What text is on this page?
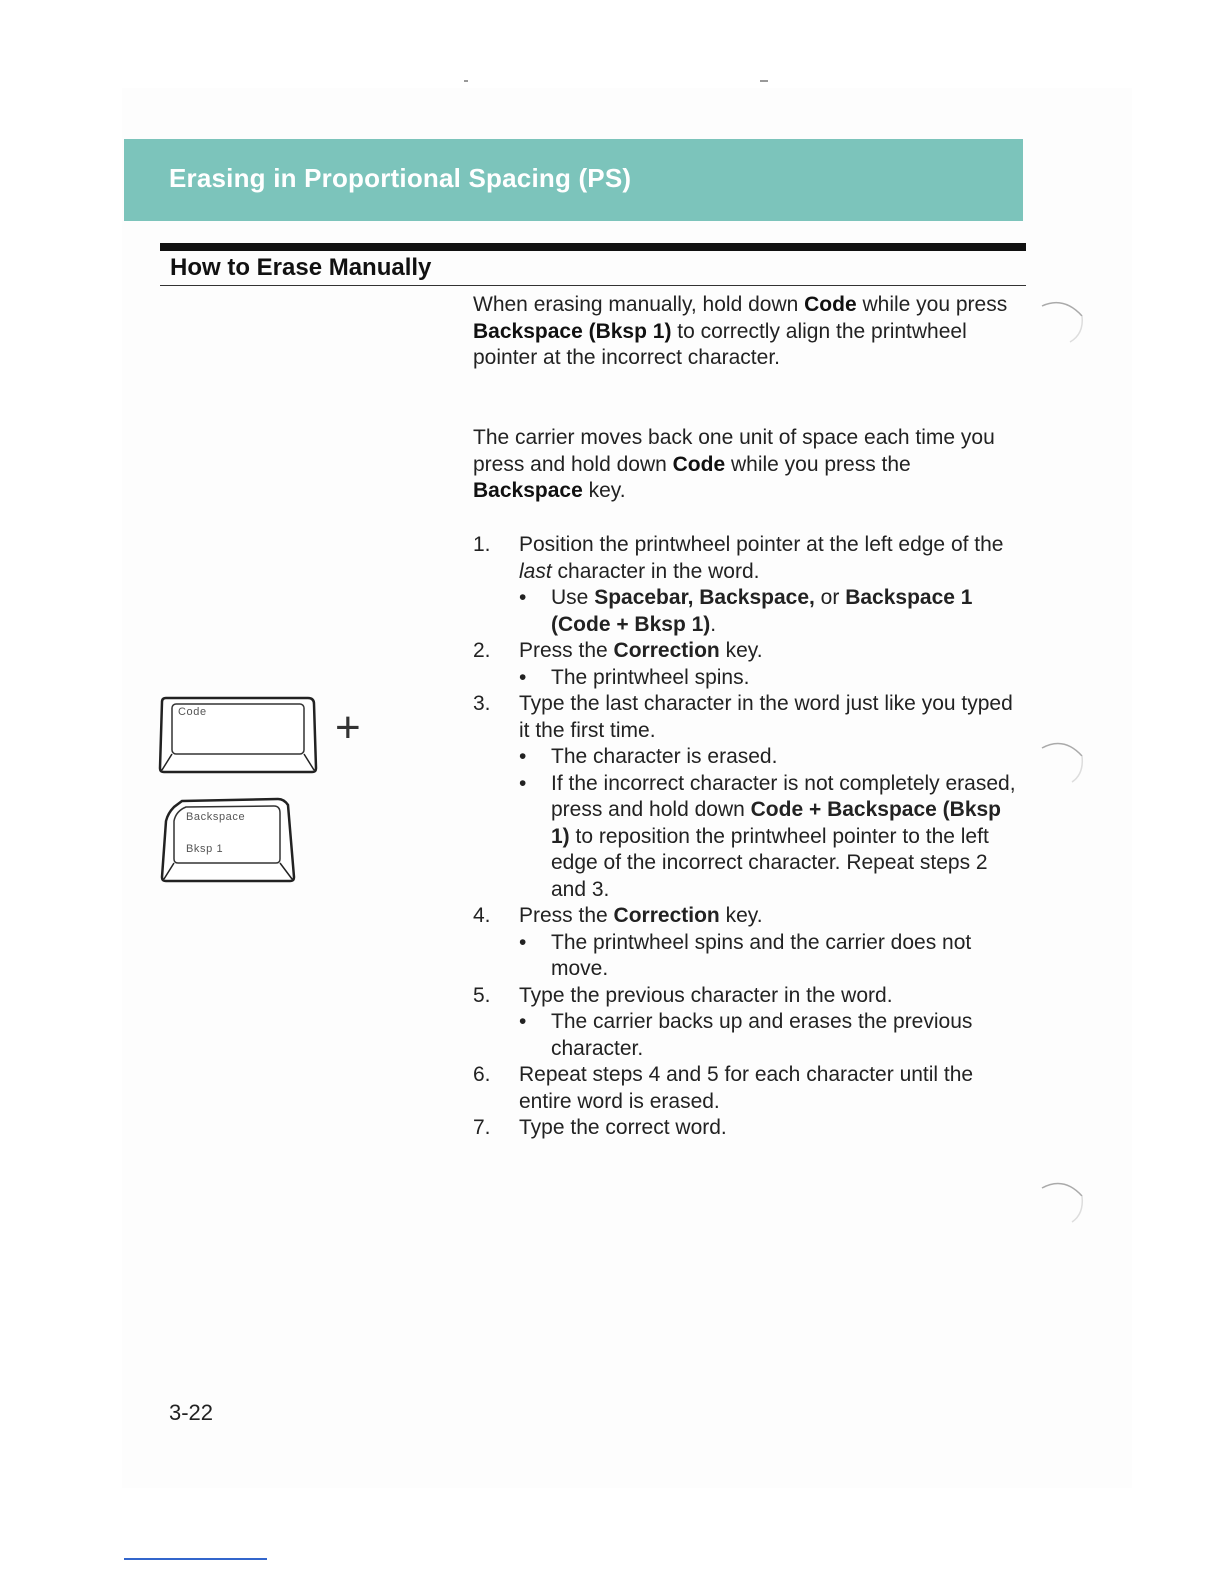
Erasing in Proportional Spacing (PS)
How to Erase Manually

When erasing manually, hold down Code while you press Backspace (Bksp 1) to correctly align the printwheel pointer at the incorrect character.

The carrier moves back one unit of space each time you press and hold down Code while you press the Backspace key.

1. Position the printwheel pointer at the left edge of the last character in the word.
• Use Spacebar, Backspace, or Backspace 1 (Code + Bksp 1).
2. Press the Correction key.
• The printwheel spins.
3. Type the last character in the word just like you typed it the first time.
• The character is erased.
• If the incorrect character is not completely erased, press and hold down Code + Backspace (Bksp 1) to reposition the printwheel pointer to the left edge of the incorrect character. Repeat steps 2 and 3.
4. Press the Correction key.
• The printwheel spins and the carrier does not move.
5. Type the previous character in the word.
• The carrier backs up and erases the previous character.
6. Repeat steps 4 and 5 for each character until the entire word is erased.
7. Type the correct word.
Code	+
Backspace
Bksp 1
3-22
